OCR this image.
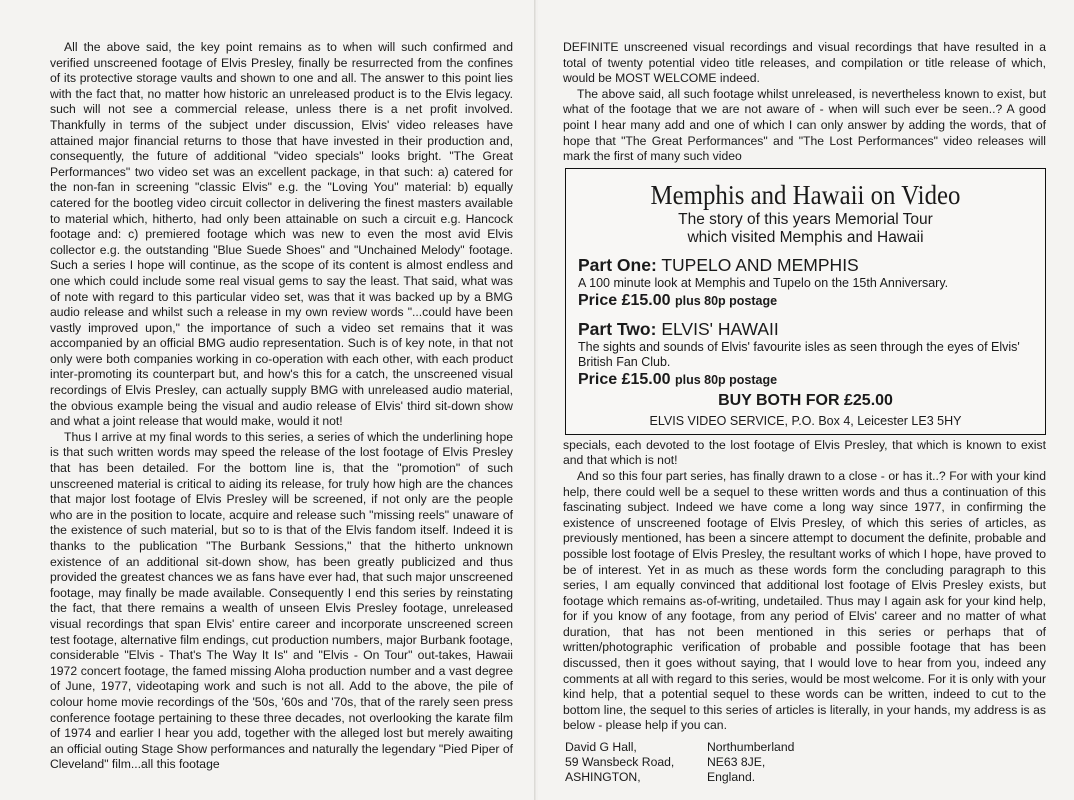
All the above said, the key point remains as to when will such confirmed and verified unscreened footage of Elvis Presley, finally be resurrected from the confines of its protective storage vaults and shown to one and all. The answer to this point lies with the fact that, no matter how historic an unreleased product is to the Elvis legacy. such will not see a commercial release, unless there is a net profit involved. Thankfully in terms of the subject under discussion, Elvis' video releases have attained major financial returns to those that have invested in their production and, consequently, the future of additional "video specials" looks bright. "The Great Performances" two video set was an excellent package, in that such: a) catered for the non-fan in screening "classic Elvis" e.g. the "Loving You" material: b) equally catered for the bootleg video circuit collector in delivering the finest masters available to material which, hitherto, had only been attainable on such a circuit e.g. Hancock footage and: c) premiered footage which was new to even the most avid Elvis collector e.g. the outstanding "Blue Suede Shoes" and "Unchained Melody" footage. Such a series I hope will continue, as the scope of its content is almost endless and one which could include some real visual gems to say the least. That said, what was of note with regard to this particular video set, was that it was backed up by a BMG audio release and whilst such a release in my own review words "...could have been vastly improved upon," the importance of such a video set remains that it was accompanied by an official BMG audio representation. Such is of key note, in that not only were both companies working in co-operation with each other, with each product inter-promoting its counterpart but, and how's this for a catch, the unscreened visual recordings of Elvis Presley, can actually supply BMG with unreleased audio material, the obvious example being the visual and audio release of Elvis' third sit-down show and what a joint release that would make, would it not!

Thus I arrive at my final words to this series, a series of which the underlining hope is that such written words may speed the release of the lost footage of Elvis Presley that has been detailed. For the bottom line is, that the "promotion" of such unscreened material is critical to aiding its release, for truly how high are the chances that major lost footage of Elvis Presley will be screened, if not only are the people who are in the position to locate, acquire and release such "missing reels" unaware of the existence of such material, but so to is that of the Elvis fandom itself. Indeed it is thanks to the publication "The Burbank Sessions," that the hitherto unknown existence of an additional sit-down show, has been greatly publicized and thus provided the greatest chances we as fans have ever had, that such major unscreened footage, may finally be made available. Consequently I end this series by reinstating the fact, that there remains a wealth of unseen Elvis Presley footage, unreleased visual recordings that span Elvis' entire career and incorporate unscreened screen test footage, alternative film endings, cut production numbers, major Burbank footage, considerable "Elvis - That's The Way It Is" and "Elvis - On Tour" out-takes, Hawaii 1972 concert footage, the famed missing Aloha production number and a vast degree of June, 1977, videotaping work and such is not all. Add to the above, the pile of colour home movie recordings of the '50s, '60s and '70s, that of the rarely seen press conference footage pertaining to these three decades, not overlooking the karate film of 1974 and earlier I hear you add, together with the alleged lost but merely awaiting an official outing Stage Show performances and naturally the legendary "Pied Piper of Cleveland" film...all this footage

DEFINITE unscreened visual recordings and visual recordings that have resulted in a total of twenty potential video title releases, and compilation or title release of which, would be MOST WELCOME indeed.

The above said, all such footage whilst unreleased, is nevertheless known to exist, but what of the footage that we are not aware of - when will such ever be seen..? A good point I hear many add and one of which I can only answer by adding the words, that of hope that "The Great Performances" and "The Lost Performances" video releases will mark the first of many such video

Memphis and Hawaii on Video
The story of this years Memorial Tour
which visited Memphis and Hawaii
Part One: TUPELO AND MEMPHIS
A 100 minute look at Memphis and Tupelo on the 15th Anniversary.
Price £15.00 plus 80p postage
Part Two: ELVIS' HAWAII
The sights and sounds of Elvis' favourite isles as seen through the eyes of Elvis' British Fan Club.
Price £15.00 plus 80p postage
BUY BOTH FOR £25.00
ELVIS VIDEO SERVICE, P.O. Box 4, Leicester LE3 5HY

specials, each devoted to the lost footage of Elvis Presley, that which is known to exist and that which is not!

And so this four part series, has finally drawn to a close - or has it..? For with your kind help, there could well be a sequel to these written words and thus a continuation of this fascinating subject. Indeed we have come a long way since 1977, in confirming the existence of unscreened footage of Elvis Presley, of which this series of articles, as previously mentioned, has been a sincere attempt to document the definite, probable and possible lost footage of Elvis Presley, the resultant works of which I hope, have proved to be of interest. Yet in as much as these words form the concluding paragraph to this series, I am equally convinced that additional lost footage of Elvis Presley exists, but footage which remains as-of-writing, undetailed. Thus may I again ask for your kind help, for if you know of any footage, from any period of Elvis' career and no matter of what duration, that has not been mentioned in this series or perhaps that of written/photographic verification of probable and possible footage that has been discussed, then it goes without saying, that I would love to hear from you, indeed any comments at all with regard to this series, would be most welcome. For it is only with your kind help, that a potential sequel to these words can be written, indeed to cut to the bottom line, the sequel to this series of articles is literally, in your hands, my address is as below - please help if you can.

David G Hall,
59 Wansbeck Road,
ASHINGTON,
Northumberland
NE63 8JE,
England.
